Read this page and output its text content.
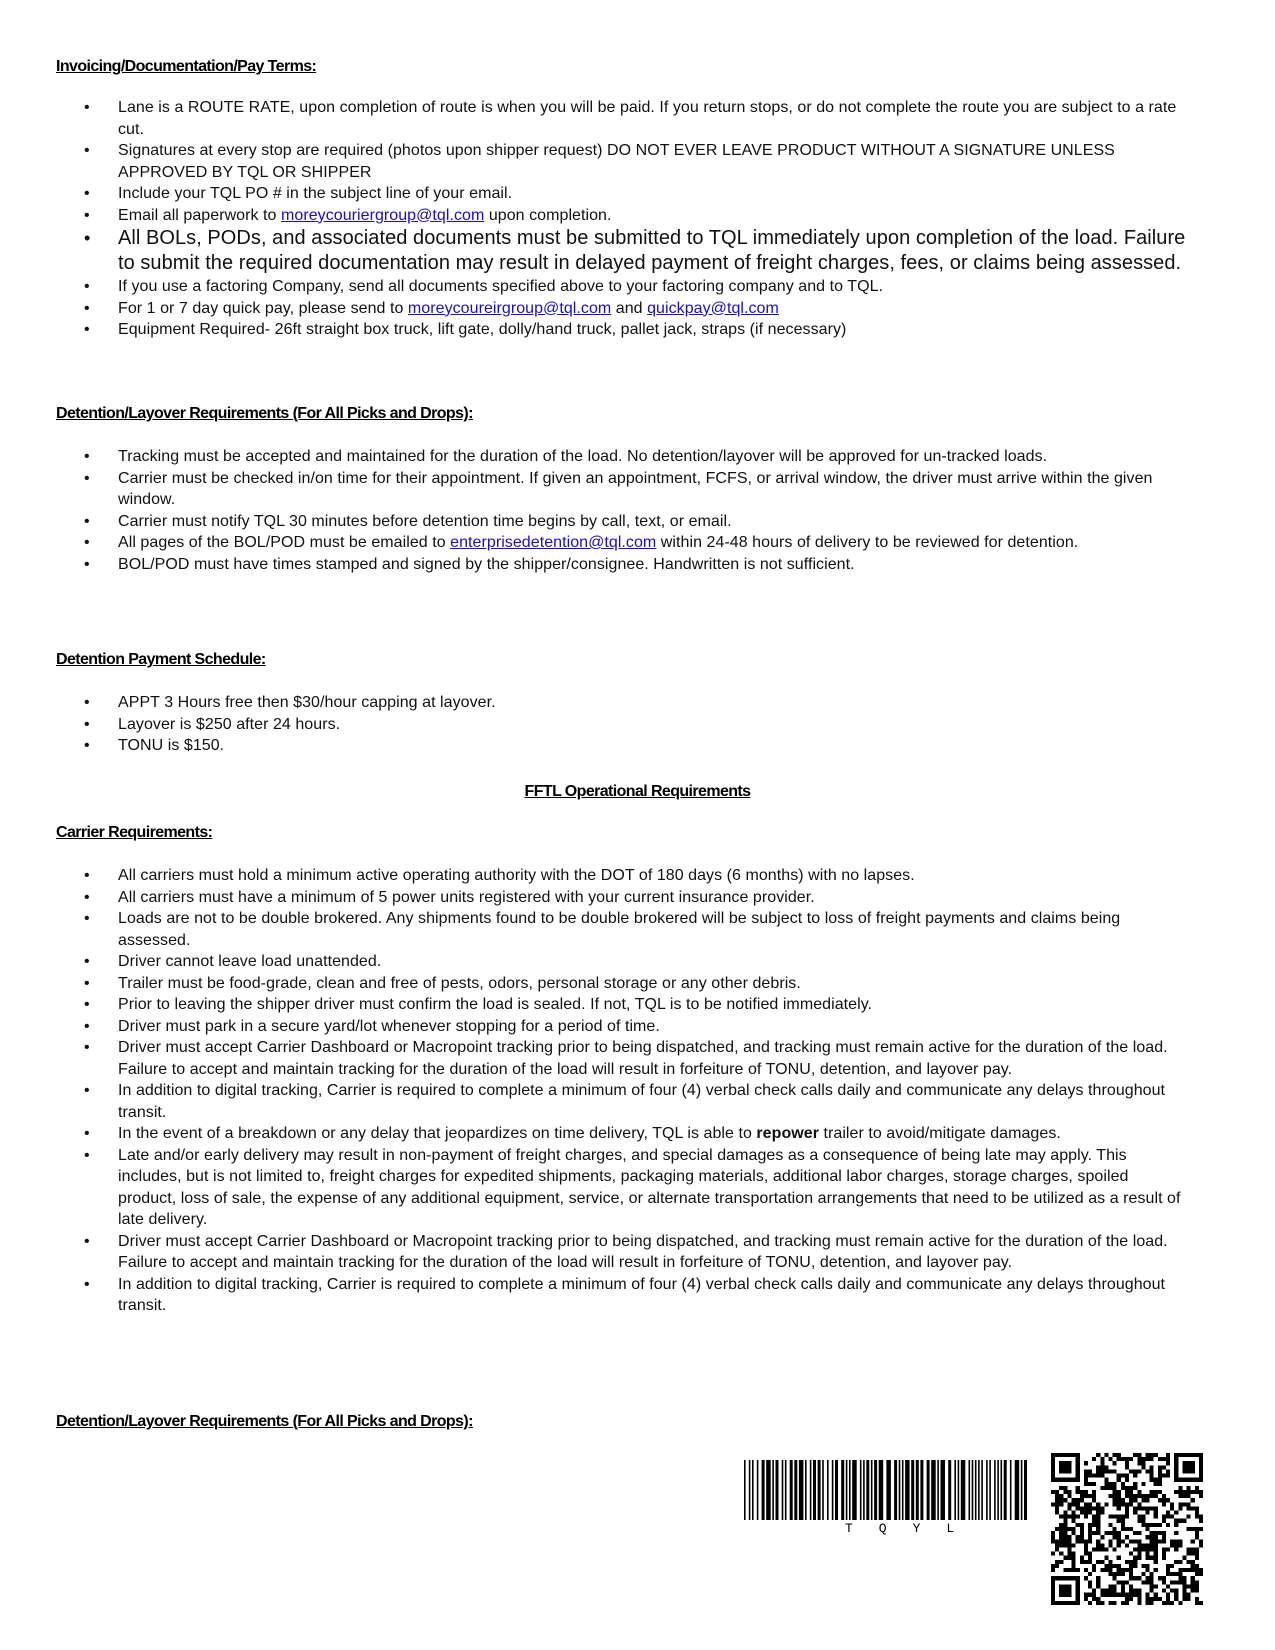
Invoicing/Documentation/Pay Terms:
• Lane is a ROUTE RATE, upon completion of route is when you will be paid. If you return stops, or do not complete the route you are subject to a rate cut.
• Signatures at every stop are required (photos upon shipper request) DO NOT EVER LEAVE PRODUCT WITHOUT A SIGNATURE UNLESS APPROVED BY TQL OR SHIPPER
• Include your TQL PO # in the subject line of your email.
• Email all paperwork to moreycouriergroup@tql.com upon completion.
• All BOLs, PODs, and associated documents must be submitted to TQL immediately upon completion of the load. Failure to submit the required documentation may result in delayed payment of freight charges, fees, or claims being assessed.
• If you use a factoring Company, send all documents specified above to your factoring company and to TQL.
• For 1 or 7 day quick pay, please send to moreycoureirgroup@tql.com and quickpay@tql.com
• Equipment Required- 26ft straight box truck, lift gate, dolly/hand truck, pallet jack, straps (if necessary)
Detention/Layover Requirements (For All Picks and Drops):
• Tracking must be accepted and maintained for the duration of the load. No detention/layover will be approved for un-tracked loads.
• Carrier must be checked in/on time for their appointment. If given an appointment, FCFS, or arrival window, the driver must arrive within the given window.
• Carrier must notify TQL 30 minutes before detention time begins by call, text, or email.
• All pages of the BOL/POD must be emailed to enterprisedetention@tql.com within 24-48 hours of delivery to be reviewed for detention.
• BOL/POD must have times stamped and signed by the shipper/consignee. Handwritten is not sufficient.
Detention Payment Schedule:
• APPT 3 Hours free then $30/hour capping at layover.
• Layover is $250 after 24 hours.
• TONU is $150.
FFTL Operational Requirements
Carrier Requirements:
• All carriers must hold a minimum active operating authority with the DOT of 180 days (6 months) with no lapses.
• All carriers must have a minimum of 5 power units registered with your current insurance provider.
• Loads are not to be double brokered. Any shipments found to be double brokered will be subject to loss of freight payments and claims being assessed.
• Driver cannot leave load unattended.
• Trailer must be food-grade, clean and free of pests, odors, personal storage or any other debris.
• Prior to leaving the shipper driver must confirm the load is sealed. If not, TQL is to be notified immediately.
• Driver must park in a secure yard/lot whenever stopping for a period of time.
• Driver must accept Carrier Dashboard or Macropoint tracking prior to being dispatched, and tracking must remain active for the duration of the load. Failure to accept and maintain tracking for the duration of the load will result in forfeiture of TONU, detention, and layover pay.
• In addition to digital tracking, Carrier is required to complete a minimum of four (4) verbal check calls daily and communicate any delays throughout transit.
• In the event of a breakdown or any delay that jeopardizes on time delivery, TQL is able to repower trailer to avoid/mitigate damages.
• Late and/or early delivery may result in non-payment of freight charges, and special damages as a consequence of being late may apply. This includes, but is not limited to, freight charges for expedited shipments, packaging materials, additional labor charges, storage charges, spoiled product, loss of sale, the expense of any additional equipment, service, or alternate transportation arrangements that need to be utilized as a result of late delivery.
• Driver must accept Carrier Dashboard or Macropoint tracking prior to being dispatched, and tracking must remain active for the duration of the load. Failure to accept and maintain tracking for the duration of the load will result in forfeiture of TONU, detention, and layover pay.
• In addition to digital tracking, Carrier is required to complete a minimum of four (4) verbal check calls daily and communicate any delays throughout transit.
Detention/Layover Requirements (For All Picks and Drops):
TQYL
